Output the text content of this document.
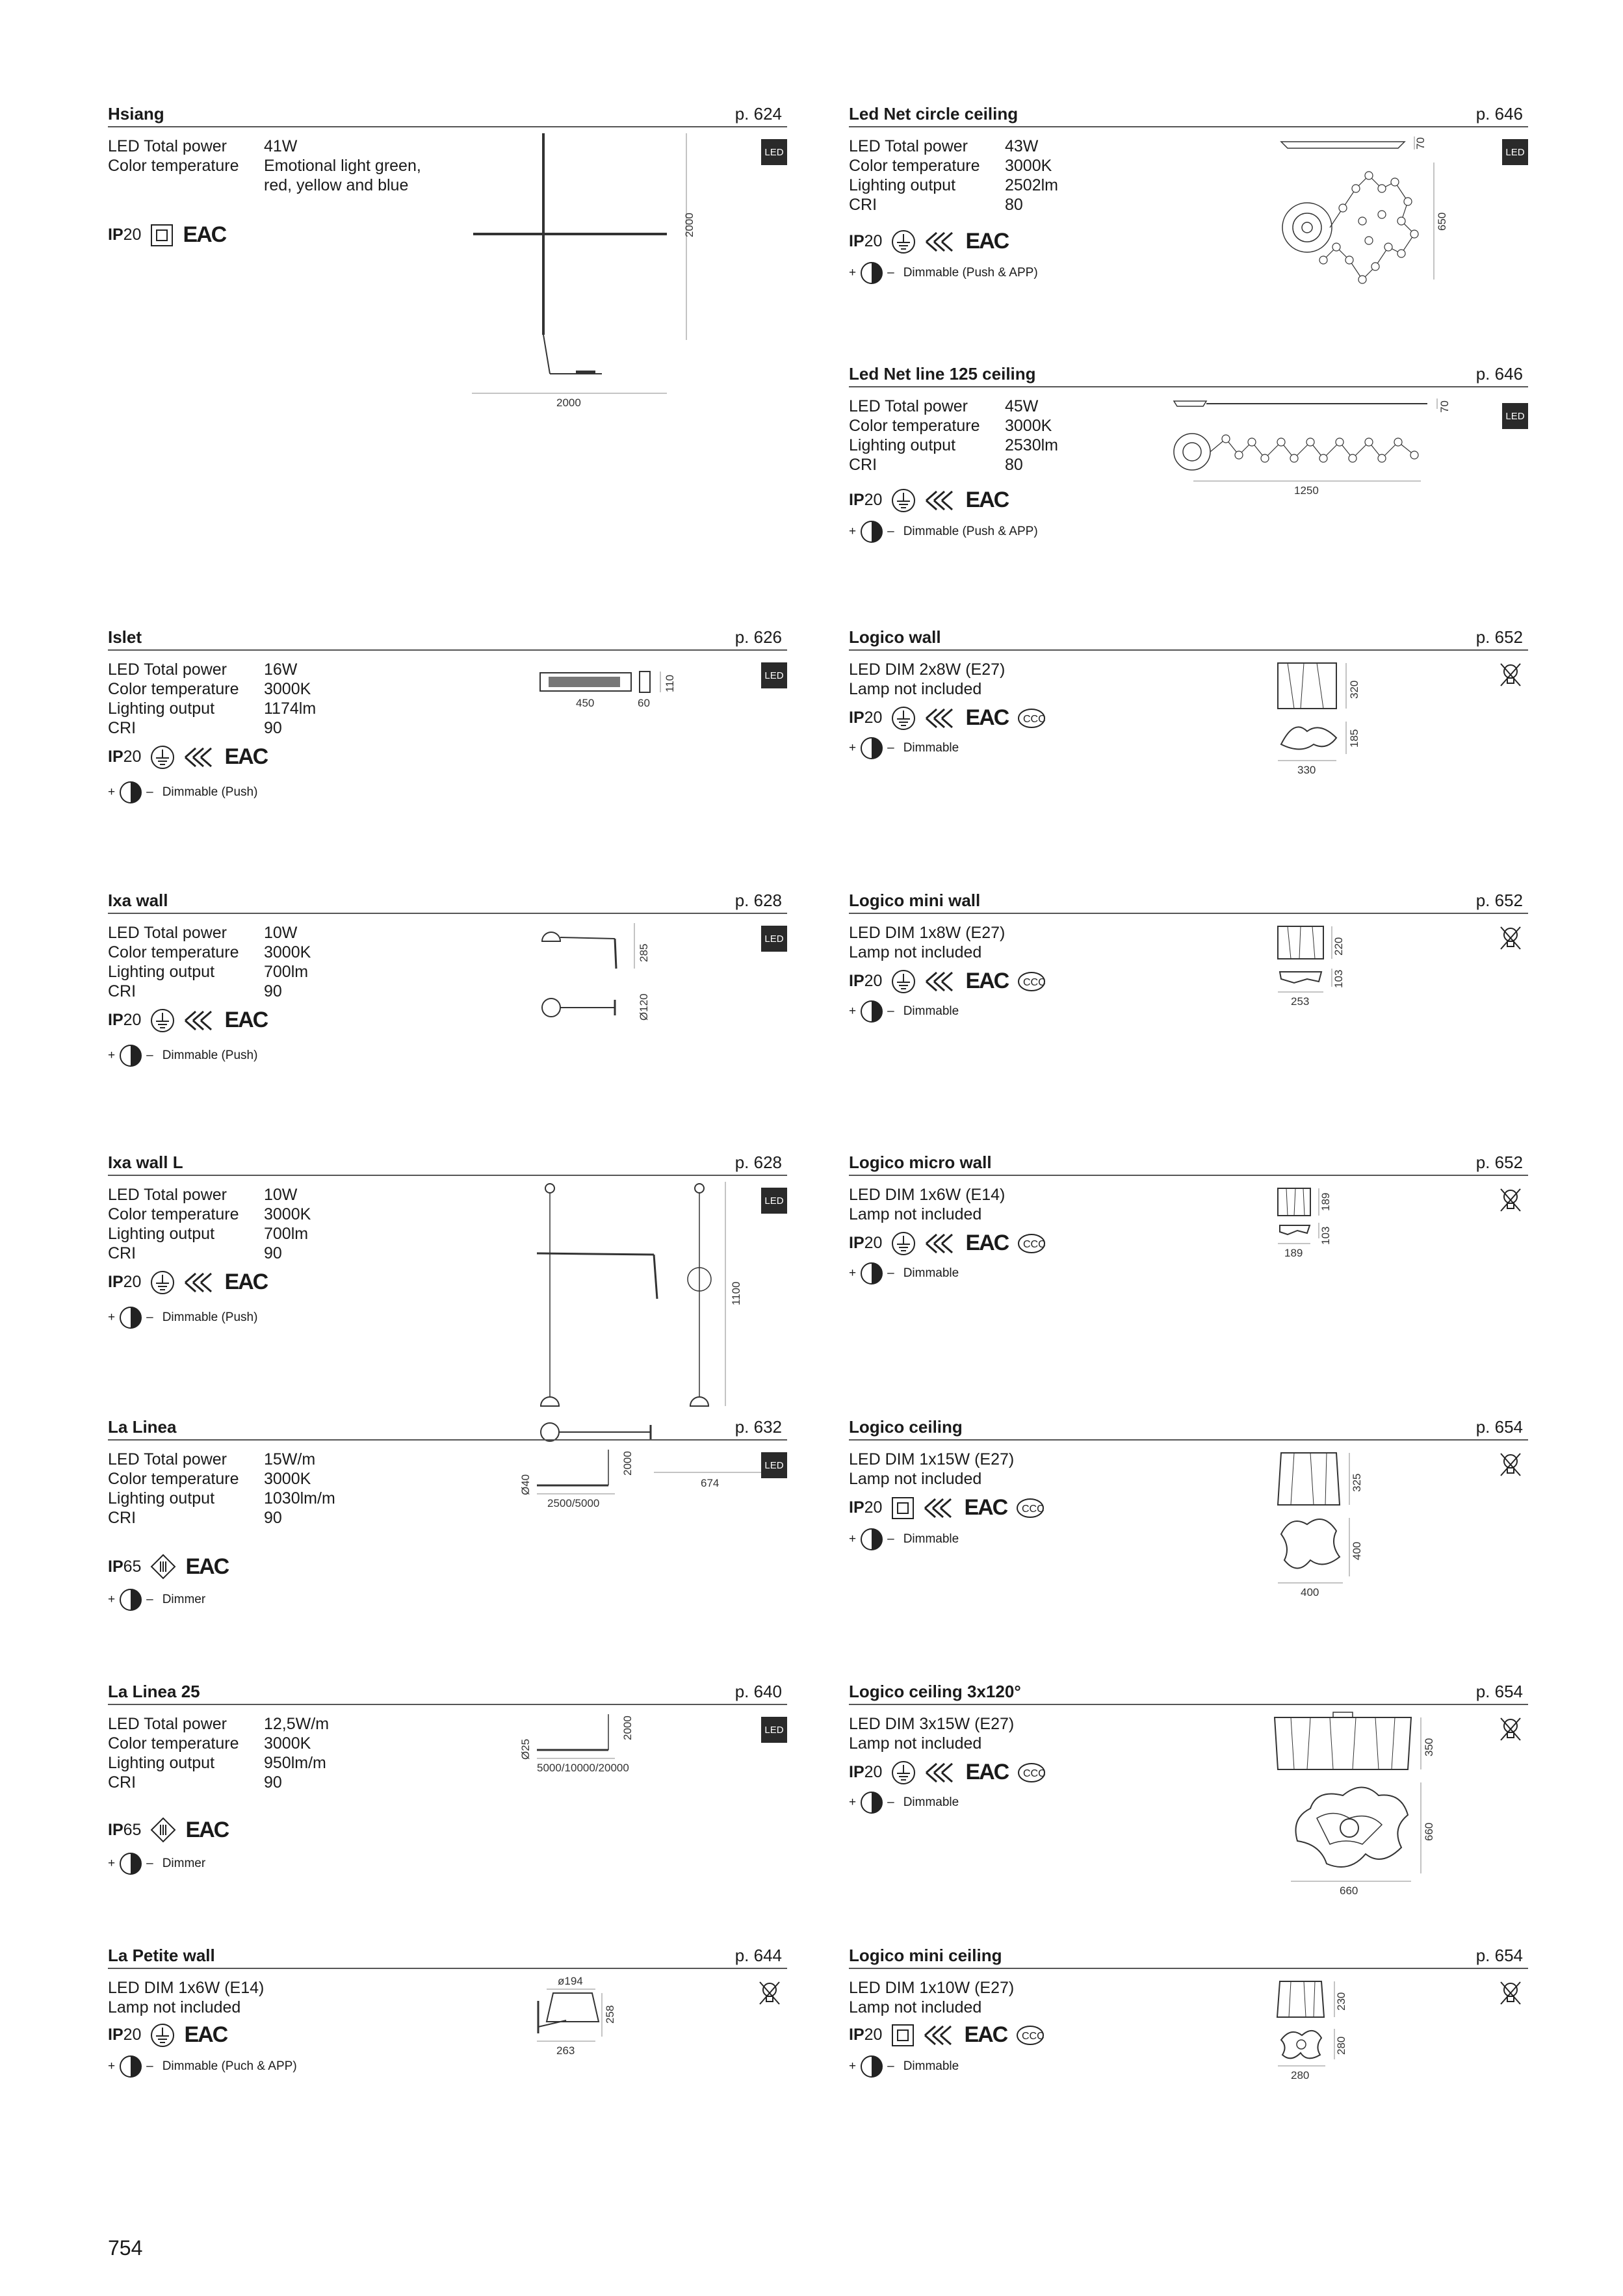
Hsiang	p. 624
LED Total power	41W
Color temperature	Emotional light green,
red, yellow and blue
IP20 EAC
LED
2000
2000
Islet	p. 626
LED Total power	16W
Color temperature	3000K
Lighting output	1174lm
CRI	90
IP20	EAC
+	– Dimmable (Push)
LED
450	60
110
Ixa wall	p. 628
LED Total power	10W
Color temperature	3000K
Lighting output	700lm
CRI	90
IP20	EAC
+	– Dimmable (Push)
LED
285
Ø120
Ixa wall L	p. 628
LED Total power	10W
Color temperature	3000K
Lighting output	700lm
CRI	90
IP20	EAC
+	– Dimmable (Push)
LED
1100
674
La Linea	p. 632
LED Total power	15W/m
Color temperature	3000K
Lighting output	1030lm/m
CRI	90
IP65 EAC
+	– Dimmer
LED
Ø40
2000
2500/5000
La Linea 25	p. 640
LED Total power	12,5W/m
Color temperature	3000K
Lighting output	950lm/m
CRI	90
IP65 EAC
+	– Dimmer
LED
Ø25
2000
5000/10000/20000
La Petite wall	p. 644
LED DIM 1x6W (E14)
Lamp not included
IP20 EAC
+	– Dimmable (Puch & APP)
ø194
258
263
Led Net circle ceiling	p. 646
LED Total power	43W
Color temperature	3000K
Lighting output	2502lm
CRI	80
IP20	EAC
+	– Dimmable (Push & APP)
LED
70
650
Led Net line 125 ceiling	p. 646
LED Total power	45W
Color temperature	3000K
Lighting output	2530lm
CRI	80
IP20	EAC
+	– Dimmable (Push & APP)
LED
70
1250
Logico wall	p. 652
LED DIM 2x8W (E27)
Lamp not included
IP20	EAC CCC
+	– Dimmable
320
185
330
Logico mini wall	p. 652
LED DIM 1x8W (E27)
Lamp not included
IP20	EAC CCC
+	– Dimmable
220
103
253
Logico micro wall	p. 652
LED DIM 1x6W (E14)
Lamp not included
IP20	EAC CCC
+	– Dimmable
189
103
189
Logico ceiling	p. 654
LED DIM 1x15W (E27)
Lamp not included
IP20	EAC CCC
+	– Dimmable
325
400
400
Logico ceiling 3x120°	p. 654
LED DIM 3x15W (E27)
Lamp not included
IP20	EAC CCC
+	– Dimmable
350
660
660
Logico mini ceiling	p. 654
LED DIM 1x10W (E27)
Lamp not included
IP20	EAC CCC
+	– Dimmable
230
280
280
754
